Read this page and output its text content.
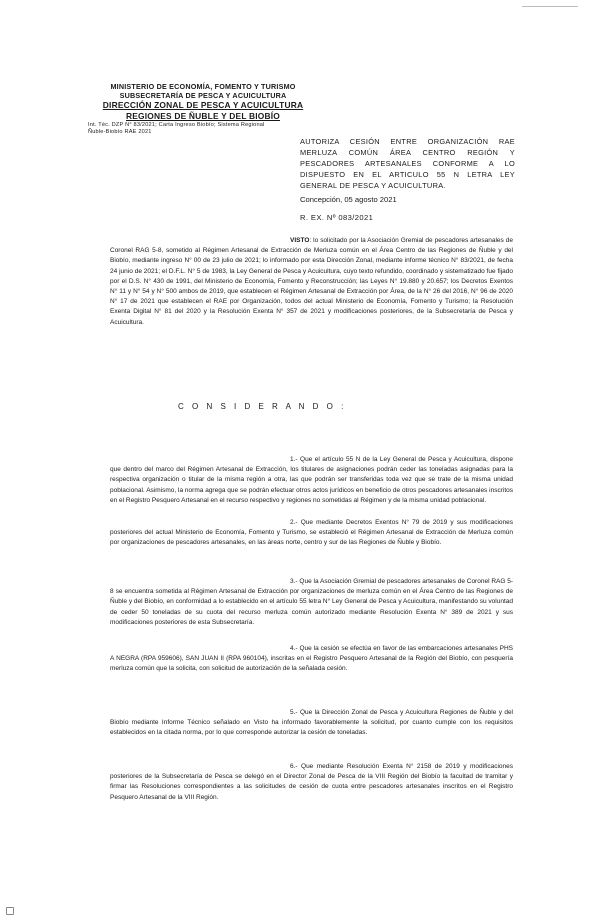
MINISTERIO DE ECONOMÍA, FOMENTO Y TURISMO
SUBSECRETARÍA DE PESCA Y ACUICULTURA
DIRECCIÓN ZONAL DE PESCA Y ACUICULTURA
REGIONES DE ÑUBLE Y DEL BIOBÍO
Int. Téc. DZP N° 83/2021; Carta Ingreso Biobío; Sistema Regional
Ñuble-Biobío RAE 2021
AUTORIZA CESIÓN ENTRE ORGANIZACIÓN RAE MERLUZA COMÚN ÁREA CENTRO REGIÓN Y PESCADORES ARTESANALES CONFORME A LO DISPUESTO EN EL ARTICULO 55 N LETRA LEY GENERAL DE PESCA Y ACUICULTURA.
Concepción, 05 agosto 2021
R. EX. Nº 083/2021

VISTO: lo solicitado por la Asociación Gremial de pescadores artesanales de Coronel RAG 5-8, sometido al Régimen Artesanal de Extracción de Merluza común en el Área Centro de las Regiones de Ñuble y del Biobío, mediante ingreso N° 00 de 23 julio de 2021; lo informado por esta Dirección Zonal, mediante informe técnico N° 83/2021, de fecha 24 junio de 2021; el D.F.L. N° 5 de 1983, la Ley General de Pesca y Acuicultura, cuyo texto refundido, coordinado y sistematizado fue fijado por el D.S. N° 430 de 1991, del Ministerio de Economía, Fomento y Reconstrucción; las Leyes N° 19.880 y 20.657; los Decretos Exentos N° 11 y N° 54 y N° 500 ambos de 2019, que establecen el Régimen Artesanal de Extracción por Área, de la N° 26 del 2016, N° 96 de 2020 N° 17 de 2021 que establecen el RAE por Organización, todos del actual Ministerio de Economía, Fomento y Turismo; la Resolución Exenta Digital N° 81 del 2020 y la Resolución Exenta N° 357 de 2021 y modificaciones posteriores, de la Subsecretaría de Pesca y Acuicultura.

C O N S I D E R A N D O :

1.- Que el artículo 55 N de la Ley General de Pesca y Acuicultura, dispone que dentro del marco del Régimen Artesanal de Extracción, los titulares de asignaciones podrán ceder las toneladas asignadas para la respectiva organización o titular de la misma región a otra, las que podrán ser transferidas toda vez que se trate de la misma unidad poblacional. Asimismo, la norma agrega que se podrán efectuar otros actos jurídicos en beneficio de otros pescadores artesanales inscritos en el Registro Pesquero Artesanal en el recurso respectivo y regiones no sometidas al Régimen y de la misma unidad poblacional.

2.- Que mediante Decretos Exentos N° 79 de 2019 y sus modificaciones posteriores del actual Ministerio de Economía, Fomento y Turismo, se estableció el Régimen Artesanal de Extracción de Merluza común por organizaciones de pescadores artesanales, en las áreas norte, centro y sur de las Regiones de Ñuble y Biobío.

3.- Que la Asociación Gremial de pescadores artesanales de Coronel RAG 5-8 se encuentra sometida al Régimen Artesanal de Extracción por organizaciones de merluza común en el Área Centro de las Regiones de Ñuble y del Biobío, en conformidad a lo establecido en el artículo 55 letra N° Ley General de Pesca y Acuicultura, manifestando su voluntad de ceder 50 toneladas de su cuota del recurso merluza común autorizado mediante Resolución Exenta N° 389 de 2021 y sus modificaciones posteriores de esta Subsecretaría.

4.- Que la cesión se efectúa en favor de las embarcaciones artesanales PHS A NEGRA (RPA 959606), SAN JUAN II (RPA 960104), inscritas en el Registro Pesquero Artesanal de la Región del Biobío, con pesquería merluza común que la solicita, con solicitud de autorización de la señalada cesión.

5.- Que la Dirección Zonal de Pesca y Acuicultura Regiones de Ñuble y del Biobío mediante Informe Técnico señalado en Visto ha informado favorablemente la solicitud, por cuanto cumple con los requisitos establecidos en la citada norma, por lo que corresponde autorizar la cesión de toneladas.

6.- Que mediante Resolución Exenta N° 2158 de 2019 y modificaciones posteriores de la Subsecretaría de Pesca se delegó en el Director Zonal de Pesca de la VIII Región del Biobío la facultad de tramitar y firmar las Resoluciones correspondientes a las solicitudes de cesión de cuota entre pescadores artesanales inscritos en el Registro Pesquero Artesanal de la VIII Región.
